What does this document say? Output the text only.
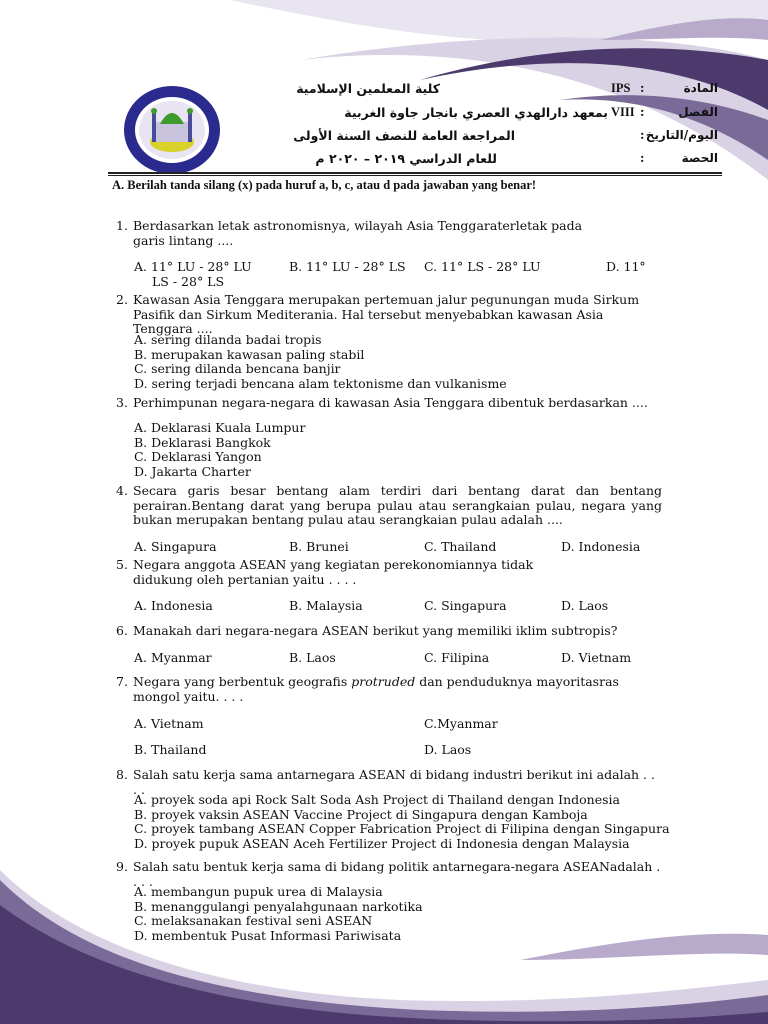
كلية المعلمين الإسلامية
بمعهد دارالهدي العصري بانجار جاوة الغربية
المراجعة العامة للنصف السنة الأولى
للعام الدراسي ٢٠١٩ – ٢٠٢٠ م
IPS :	المادة
VIII :	الفصل
: اليوم/التاريخ
:	الحصة
A. Berilah tanda silang (x) pada huruf a, b, c, atau d pada jawaban yang benar!
1. Berdasarkan letak astronomisnya, wilayah Asia Tenggaraterletak pada garis lintang ....
A. 11° LU - 28° LU	B. 11° LU - 28° LS C. 11° LS - 28° LU	D. 11°
LS - 28° LS
2. Kawasan Asia Tenggara merupakan pertemuan jalur pegunungan muda Sirkum Pasifik dan Sirkum Mediterania. Hal tersebut menyebabkan kawasan Asia Tenggara ....
A. sering dilanda badai tropis
B. merupakan kawasan paling stabil
C. sering dilanda bencana banjir
D. sering terjadi bencana alam tektonisme dan vulkanisme
3. Perhimpunan negara-negara di kawasan Asia Tenggara dibentuk berdasarkan ....
A. Deklarasi Kuala Lumpur
B. Deklarasi Bangkok
C. Deklarasi Yangon
D. Jakarta Charter
4. Secara garis besar bentang alam terdiri dari bentang darat dan bentang perairan.Bentang darat yang berupa pulau atau serangkaian pulau, negara yang bukan merupakan bentang pulau atau serangkaian pulau adalah ....
A. Singapura	B. Brunei	C. Thailand	D. Indonesia
5. Negara anggota ASEAN yang kegiatan perekonomiannya tidak didukung oleh pertanian yaitu . . . .
A. Indonesia	B. Malaysia	C. Singapura	D. Laos
6. Manakah dari negara-negara ASEAN berikut yang memiliki iklim subtropis?
A. Myanmar	B. Laos	C. Filipina	D. Vietnam
7. Negara yang berbentuk geografis protruded dan penduduknya mayoritasras mongol yaitu. . . .
A. Vietnam	C.Myanmar
B. Thailand	D. Laos
8. Salah satu kerja sama antarnegara ASEAN di bidang industri berikut ini adalah . . . .
A. proyek soda api Rock Salt Soda Ash Project di Thailand dengan Indonesia
B. proyek vaksin ASEAN Vaccine Project di Singapura dengan Kamboja
C. proyek tambang ASEAN Copper Fabrication Project di Filipina dengan Singapura
D. proyek pupuk ASEAN Aceh Fertilizer Project di Indonesia dengan Malaysia
9. Salah satu bentuk kerja sama di bidang politik antarnegara-negara ASEANadalah . . . .
A. membangun pupuk urea di Malaysia
B. menanggulangi penyalahgunaan narkotika
C. melaksanakan festival seni ASEAN
D. membentuk Pusat Informasi Pariwisata
